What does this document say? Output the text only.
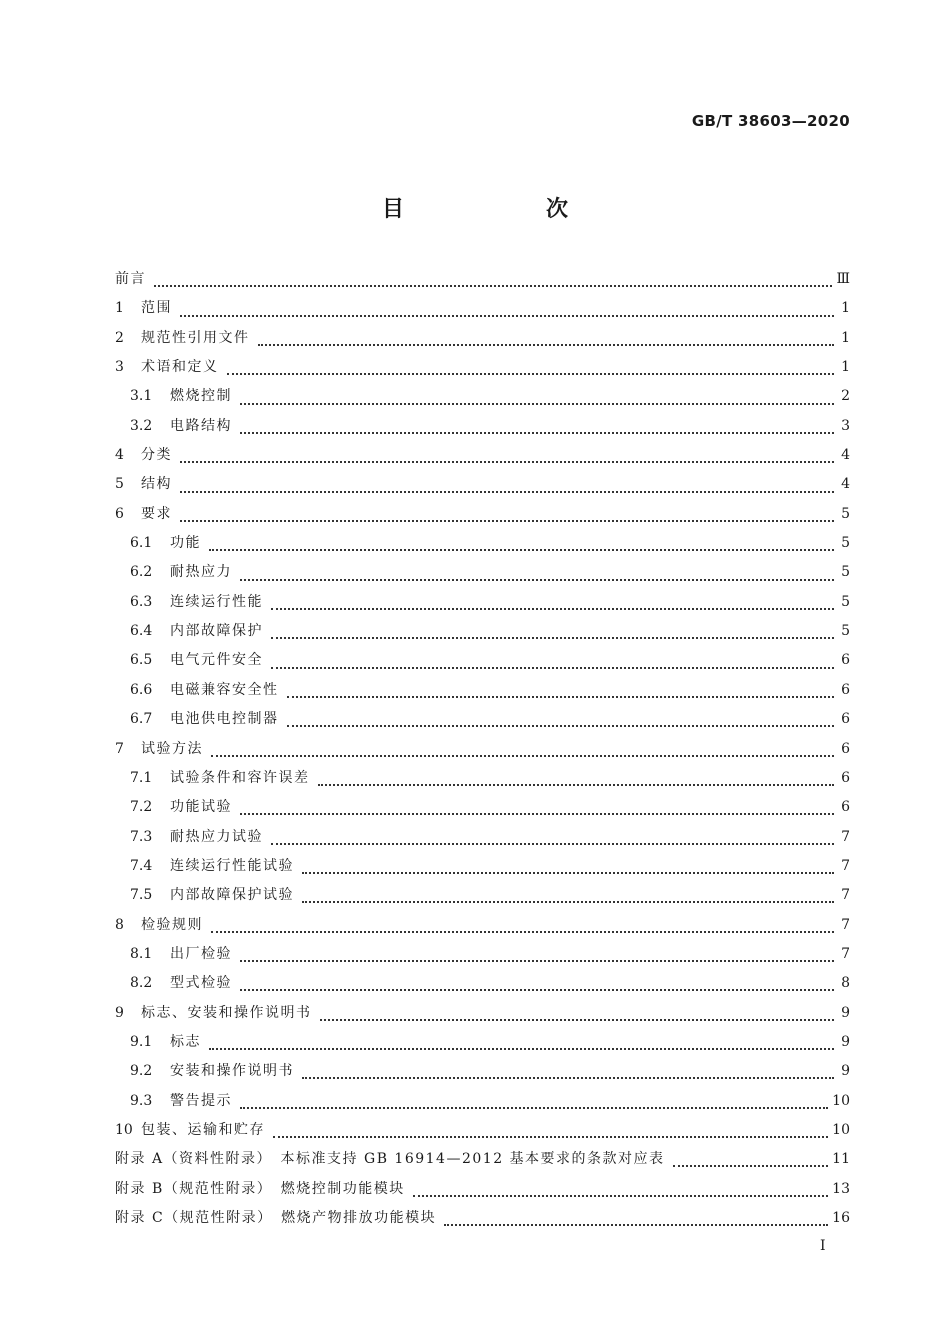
GB/T 38603—2020
目　次
前言	Ⅲ
1	范围	1
2	规范性引用文件	1
3	术语和定义	1
3.1	燃烧控制	2
3.2	电路结构	3
4	分类	4
5	结构	4
6	要求	5
6.1	功能	5
6.2	耐热应力	5
6.3	连续运行性能	5
6.4	内部故障保护	5
6.5	电气元件安全	6
6.6	电磁兼容安全性	6
6.7	电池供电控制器	6
7	试验方法	6
7.1	试验条件和容许误差	6
7.2	功能试验	6
7.3	耐热应力试验	7
7.4	连续运行性能试验	7
7.5	内部故障保护试验	7
8	检验规则	7
8.1	出厂检验	7
8.2	型式检验	8
9	标志、安装和操作说明书	9
9.1	标志	9
9.2	安装和操作说明书	9
9.3	警告提示	10
10 包装、运输和贮存	10
附录 A（资料性附录）　本标准支持 GB 16914—2012 基本要求的条款对应表	11
附录 B（规范性附录）　燃烧控制功能模块	13
附录 C（规范性附录）　燃烧产物排放功能模块	16
I
